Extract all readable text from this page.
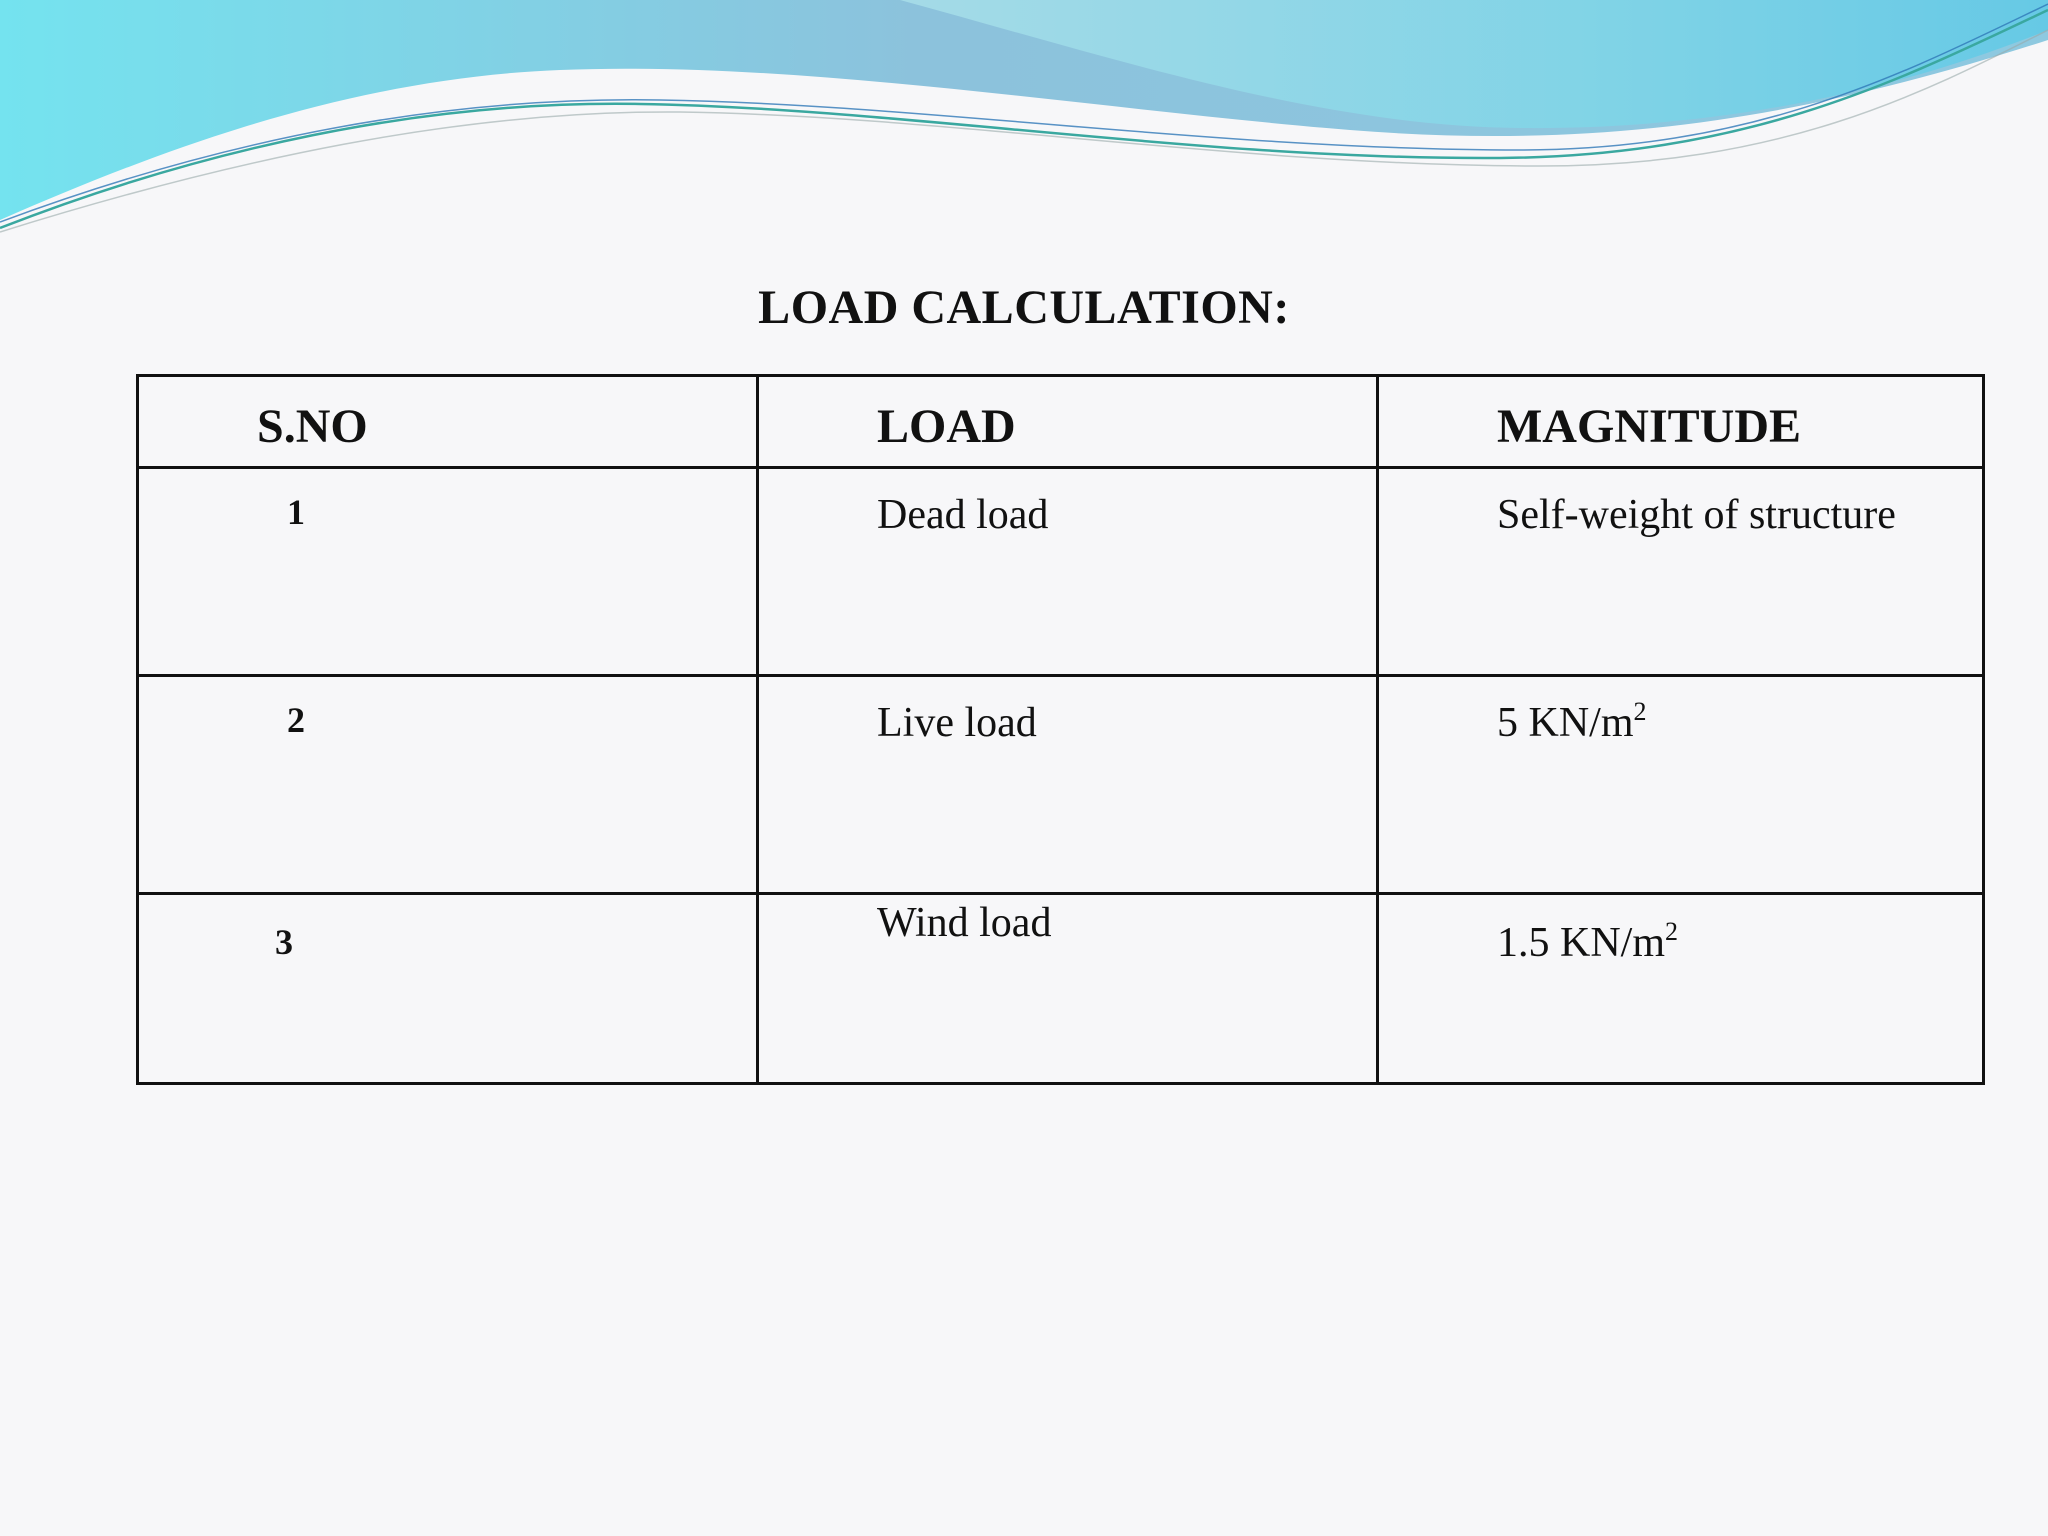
LOAD CALCULATION:
S.NO	LOAD	MAGNITUDE
1	Dead load	Self-weight of structure
2	Live load	5 $KN/m^2$
3	Wind load	1.5 $KN/m^2$
